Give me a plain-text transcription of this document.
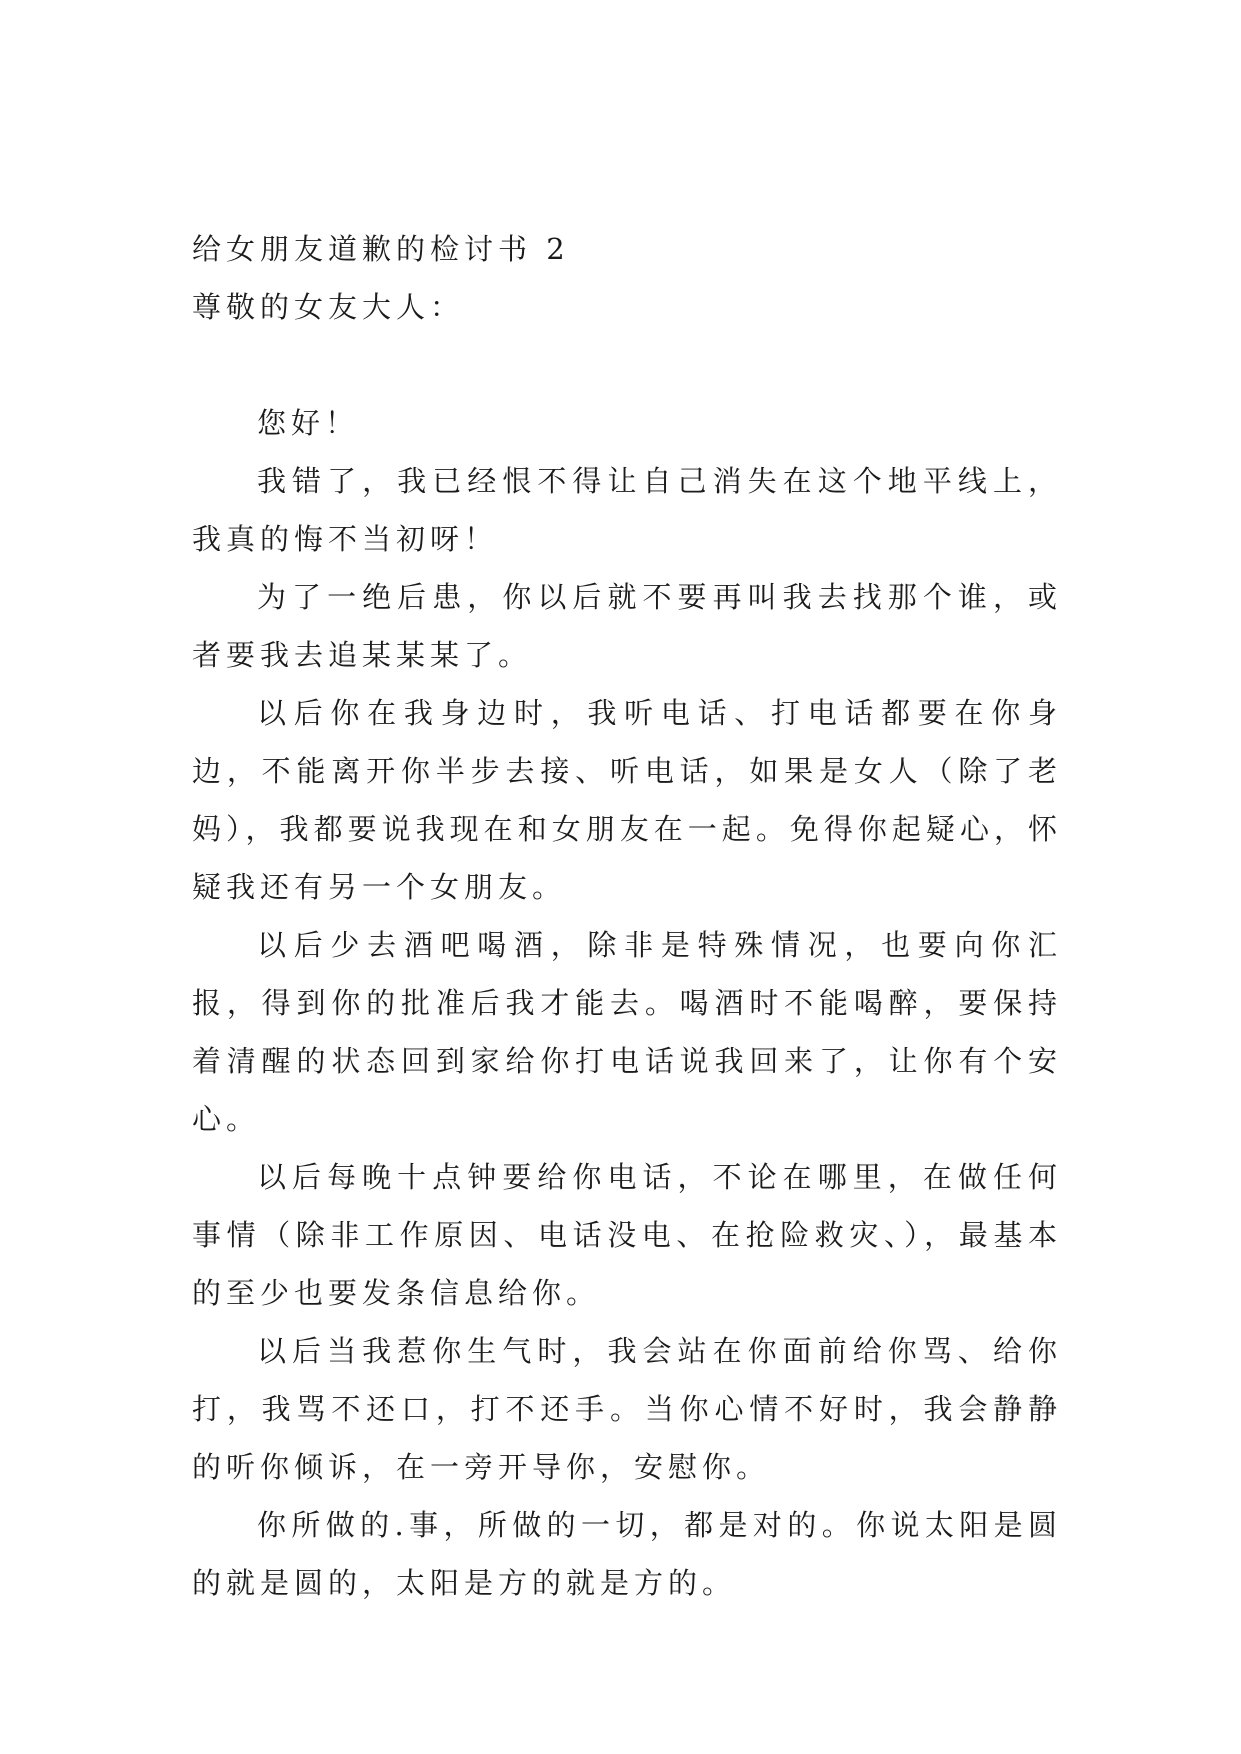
给女朋友道歉的检讨书 2

尊敬的女友大人：

您好！

我错了，我已经恨不得让自己消失在这个地平线上，我真的悔不当初呀！

为了一绝后患，你以后就不要再叫我去找那个谁，或者要我去追某某某了。

以后你在我身边时，我听电话、打电话都要在你身边，不能离开你半步去接、听电话，如果是女人（除了老妈），我都要说我现在和女朋友在一起。免得你起疑心，怀疑我还有另一个女朋友。

以后少去酒吧喝酒，除非是特殊情况，也要向你汇报，得到你的批准后我才能去。喝酒时不能喝醉，要保持着清醒的状态回到家给你打电话说我回来了，让你有个安心。

以后每晚十点钟要给你电话，不论在哪里，在做任何事情（除非工作原因、电话没电、在抢险救灾、），最基本的至少也要发条信息给你。

以后当我惹你生气时，我会站在你面前给你骂、给你打，我骂不还口，打不还手。当你心情不好时，我会静静的听你倾诉，在一旁开导你，安慰你。

你所做的.事，所做的一切，都是对的。你说太阳是圆的就是圆的，太阳是方的就是方的。
